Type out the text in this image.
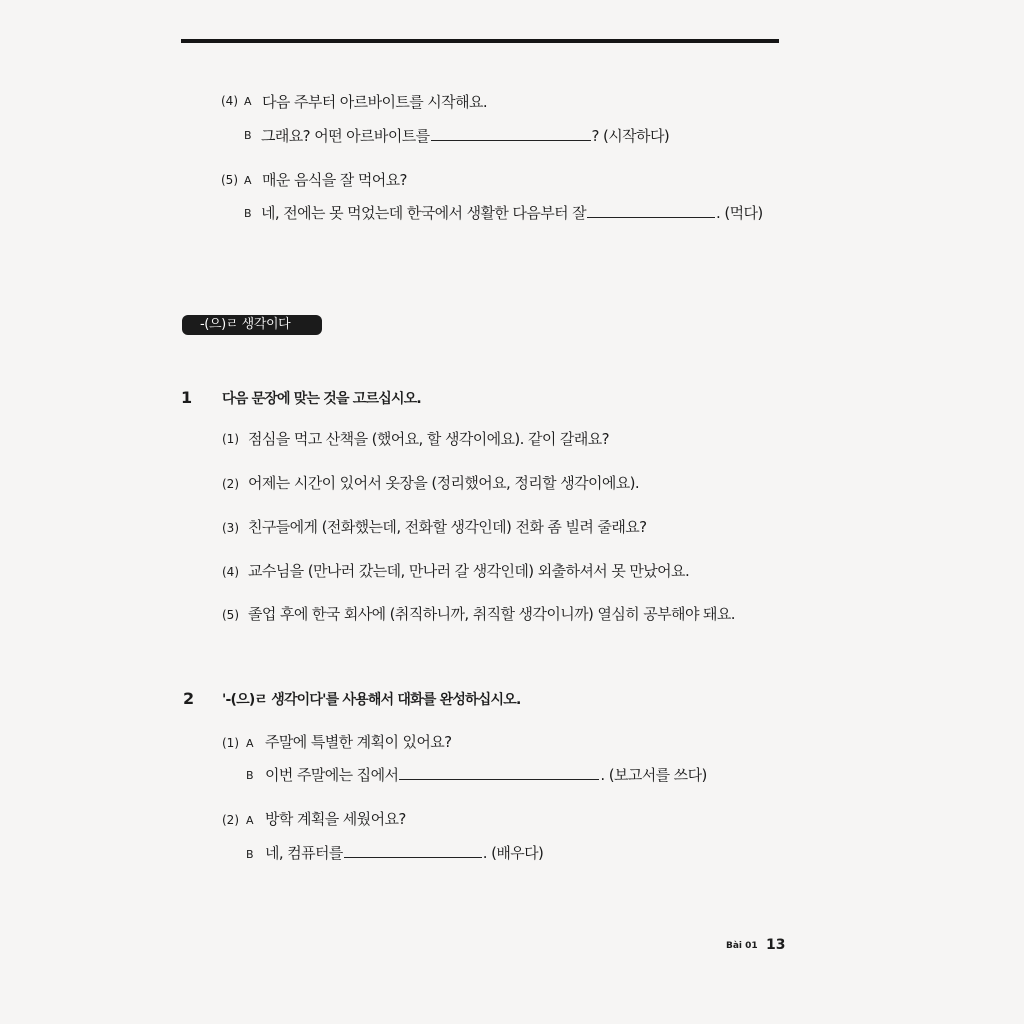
(4) A 다음 주부터 아르바이트를 시작해요.
B 그래요? 어떤 아르바이트를	? (시작하다)
(5) A 매운 음식을 잘 먹어요?
B 네, 전에는 못 먹었는데 한국에서 생활한 다음부터 잘	. (먹다)
-(으)ㄹ 생각이다
1 다음 문장에 맞는 것을 고르십시오.
(1) 점심을 먹고 산책을 (했어요, 할 생각이에요). 같이 갈래요?
(2) 어제는 시간이 있어서 옷장을 (정리했어요, 정리할 생각이에요).
(3) 친구들에게 (전화했는데, 전화할 생각인데) 전화 좀 빌려 줄래요?
(4) 교수님을 (만나러 갔는데, 만나러 갈 생각인데) 외출하셔서 못 만났어요.
(5) 졸업 후에 한국 회사에 (취직하니까, 취직할 생각이니까) 열심히 공부해야 돼요.
2 '-(으)ㄹ 생각이다'를 사용해서 대화를 완성하십시오.
(1) A 주말에 특별한 계획이 있어요?
B 이번 주말에는 집에서	. (보고서를 쓰다)
(2) A 방학 계획을 세웠어요?
B 네, 컴퓨터를	. (배우다)
Bài 01 13
